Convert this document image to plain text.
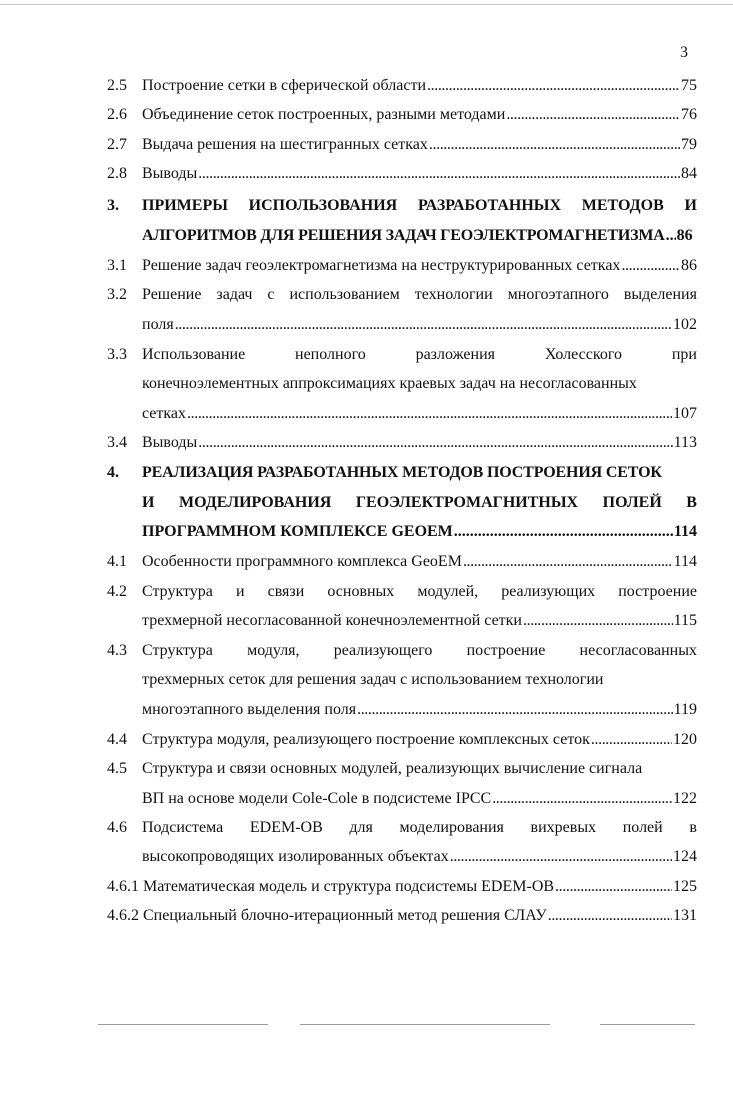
3
2.5 Построение сетки в сферической области . . .	75
2.6 Объединение сеток построенных, разными методами . . .	76
2.7 Выдача решения на шестигранных сетках . . .	79
2.8 Выводы . . .	84
3. ПРИМЕРЫ ИСПОЛЬЗОВАНИЯ РАЗРАБОТАННЫХ МЕТОДОВ И
АЛГОРИТМОВ ДЛЯ РЕШЕНИЯ ЗАДАЧ ГЕОЭЛЕКТРОМАГНЕТИЗМА . . . 86
3.1 Решение задач геоэлектромагнетизма на неструктурированных сетках . . .	86
3.2 Решение задач с использованием технологии многоэтапного выделения
поля . . .	102
3.3 Использование	неполного	разложения	Холесского	при
конечноэлементных аппроксимациях краевых задач на несогласованных
сетках . . .	107
3.4 Выводы . . .	113
4. РЕАЛИЗАЦИЯ РАЗРАБОТАННЫХ МЕТОДОВ ПОСТРОЕНИЯ СЕТОК
И МОДЕЛИРОВАНИЯ ГЕОЭЛЕКТРОМАГНИТНЫХ ПОЛЕЙ В
ПРОГРАММНОМ КОМПЛЕКСЕ GEOEM . . .	114
4.1 Особенности программного комплекса GeoEM . . .	114
4.2 Структура и связи основных модулей, реализующих построение
трехмерной несогласованной конечноэлементной сетки . . .	115
4.3 Структура модуля, реализующего построение несогласованных
трехмерных сеток для решения задач с использованием технологии
многоэтапного выделения поля . . .	119
4.4 Структура модуля, реализующего построение комплексных сеток . . .	120
4.5 Структура и связи основных модулей, реализующих вычисление сигнала
ВП на основе модели Cole-Cole в подсистеме IPCC . . .	122
4.6 Подсистема EDEM-OB для моделирования вихревых полей в
высокопроводящих изолированных объектах . . .	124
4.6.1 Математическая модель и структура подсистемы EDEM-OB . . .	125
4.6.2 Специальный блочно-итерационный метод решения СЛАУ . . .	131
